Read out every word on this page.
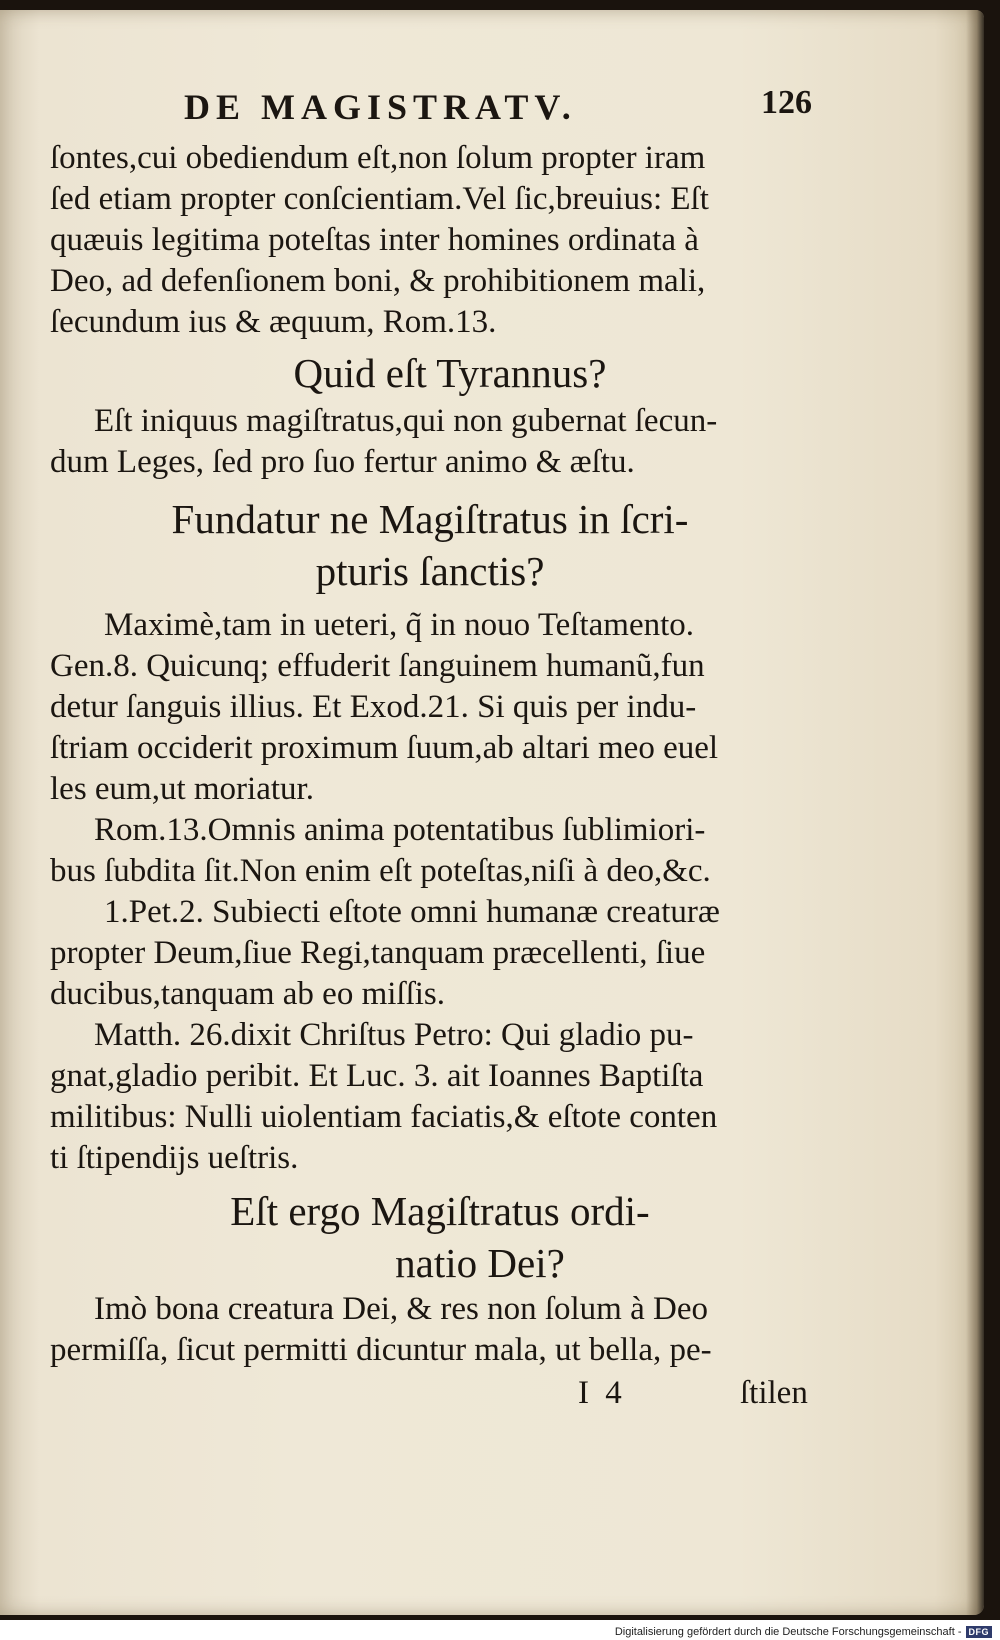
DE MAGISTRATV.	126
ſontes,cui obediendum eſt,non ſolum propter iram
ſed etiam propter conſcientiam.Vel ſic,breuius: Eſt
quæuis legitima poteſtas inter homines ordinata à
Deo, ad defenſionem boni, & prohibitionem mali,
ſecundum ius & æquum, Rom.13.
Quid eſt Tyrannus?
Eſt iniquus magiſtratus,qui non gubernat ſecun-
dum Leges, ſed pro ſuo fertur animo & æſtu.
Fundatur ne Magiſtratus in ſcri-
pturis ſanctis?
Maximè,tam in ueteri, q̃ in nouo Teſtamento.
Gen.8. Quicunq; effuderit ſanguinem humanũ,fun
detur ſanguis illius. Et Exod.21. Si quis per indu-
ſtriam occiderit proximum ſuum,ab altari meo euel
les eum,ut moriatur.
Rom.13.Omnis anima potentatibus ſublimiori-
bus ſubdita ſit.Non enim eſt poteſtas,niſi à deo,&c.
1.Pet.2. Subiecti eſtote omni humanæ creaturæ
propter Deum,ſiue Regi,tanquam præcellenti, ſiue
ducibus,tanquam ab eo miſſis.
Matth. 26.dixit Chriſtus Petro: Qui gladio pu-
gnat,gladio peribit. Et Luc. 3. ait Ioannes Baptiſta
militibus: Nulli uiolentiam faciatis,& eſtote conten
ti ſtipendijs ueſtris.
Eſt ergo Magiſtratus ordi-
natio Dei?
Imò bona creatura Dei, & res non ſolum à Deo
permiſſa, ſicut permitti dicuntur mala, ut bella, pe-
I 4	ſtilen
Digitalisierung gefördert durch die Deutsche Forschungsgemeinschaft - DFG
